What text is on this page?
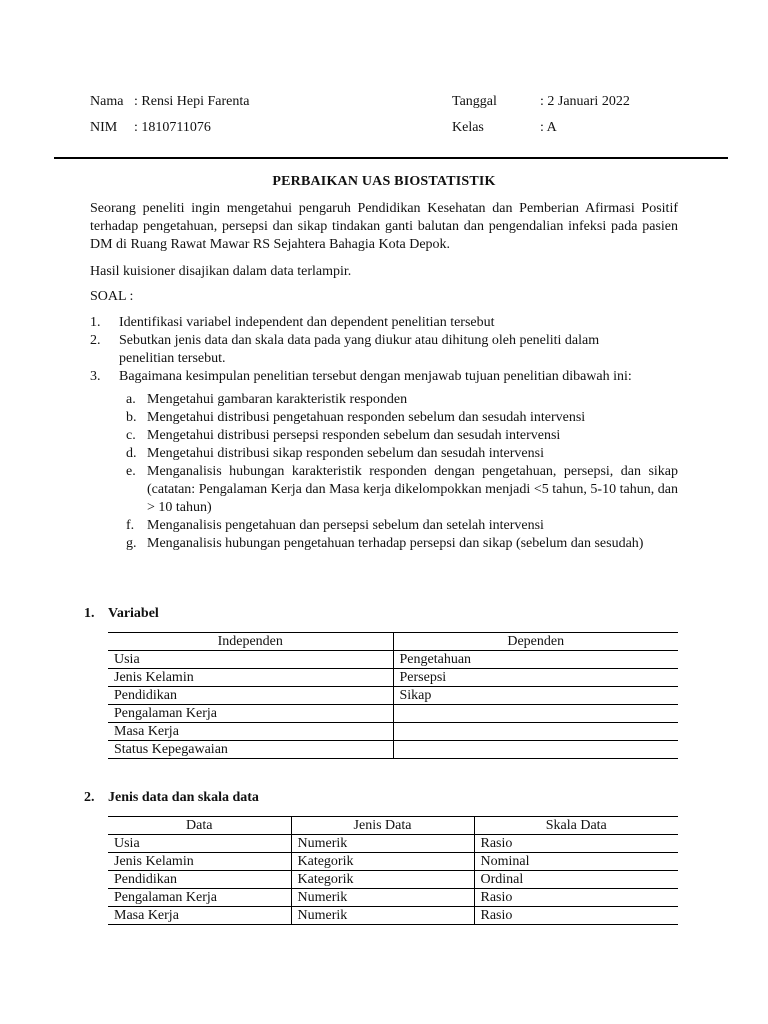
Nama : Rensi Hepi Farenta
NIM : 1810711076
Tanggal	: 2 Januari 2022
Kelas	: A
PERBAIKAN UAS BIOSTATISTIK

Seorang peneliti ingin mengetahui pengaruh Pendidikan Kesehatan dan Pemberian Afirmasi Positif terhadap pengetahuan, persepsi dan sikap tindakan ganti balutan dan pengendalian infeksi pada pasien DM di Ruang Rawat Mawar RS Sejahtera Bahagia Kota Depok.

Hasil kuisioner disajikan dalam data terlampir.
SOAL :
1. Identifikasi variabel independent dan dependent penelitian tersebut
2. Sebutkan jenis data dan skala data pada yang diukur atau dihitung oleh peneliti dalam penelitian tersebut.
3. Bagaimana kesimpulan penelitian tersebut dengan menjawab tujuan penelitian dibawah ini:
a. Mengetahui gambaran karakteristik responden
b. Mengetahui distribusi pengetahuan responden sebelum dan sesudah intervensi
c. Mengetahui distribusi persepsi responden sebelum dan sesudah intervensi
d. Mengetahui distribusi sikap responden sebelum dan sesudah intervensi
e. Menganalisis hubungan karakteristik responden dengan pengetahuan, persepsi, dan sikap (catatan: Pengalaman Kerja dan Masa kerja dikelompokkan menjadi <5 tahun, 5-10 tahun, dan > 10 tahun)
f. Menganalisis pengetahuan dan persepsi sebelum dan setelah intervensi
g. Menganalisis hubungan pengetahuan terhadap persepsi dan sikap (sebelum dan sesudah)
1. Variabel
Independen	Dependen
Usia	Pengetahuan
Jenis Kelamin	Persepsi
Pendidikan	Sikap
Pengalaman Kerja	
Masa Kerja	
Status Kepegawaian	
2. Jenis data dan skala data
Data	Jenis Data	Skala Data
Usia	Numerik	Rasio
Jenis Kelamin	Kategorik	Nominal
Pendidikan	Kategorik	Ordinal
Pengalaman Kerja	Numerik	Rasio
Masa Kerja	Numerik	Rasio
